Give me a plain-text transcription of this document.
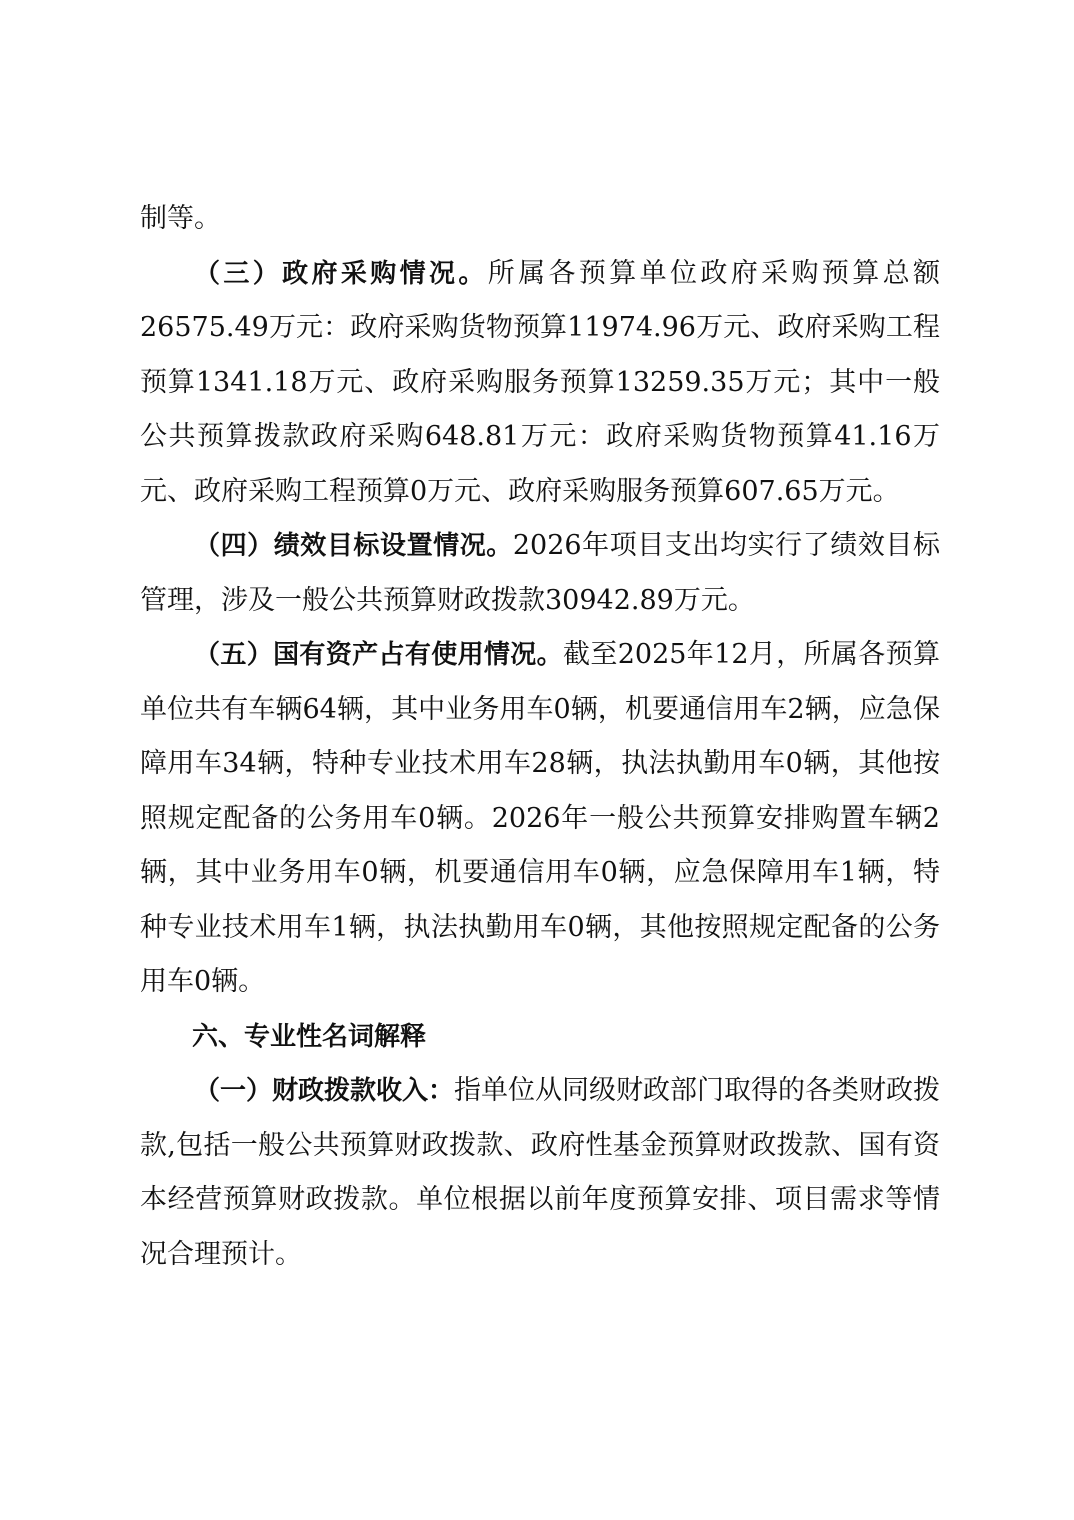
制等。

（三）政府采购情况。所属各预算单位政府采购预算总额26575.49万元：政府采购货物预算11974.96万元、政府采购工程预算1341.18万元、政府采购服务预算13259.35万元；其中一般公共预算拨款政府采购648.81万元：政府采购货物预算41.16万元、政府采购工程预算0万元、政府采购服务预算607.65万元。

（四）绩效目标设置情况。2026年项目支出均实行了绩效目标管理，涉及一般公共预算财政拨款30942.89万元。

（五）国有资产占有使用情况。截至2025年12月，所属各预算单位共有车辆64辆，其中业务用车0辆，机要通信用车2辆，应急保障用车34辆，特种专业技术用车28辆，执法执勤用车0辆，其他按照规定配备的公务用车0辆。2026年一般公共预算安排购置车辆2辆，其中业务用车0辆，机要通信用车0辆，应急保障用车1辆，特种专业技术用车1辆，执法执勤用车0辆，其他按照规定配备的公务用车0辆。

六、专业性名词解释

（一）财政拨款收入：指单位从同级财政部门取得的各类财政拨款,包括一般公共预算财政拨款、政府性基金预算财政拨款、国有资本经营预算财政拨款。单位根据以前年度预算安排、项目需求等情况合理预计。
